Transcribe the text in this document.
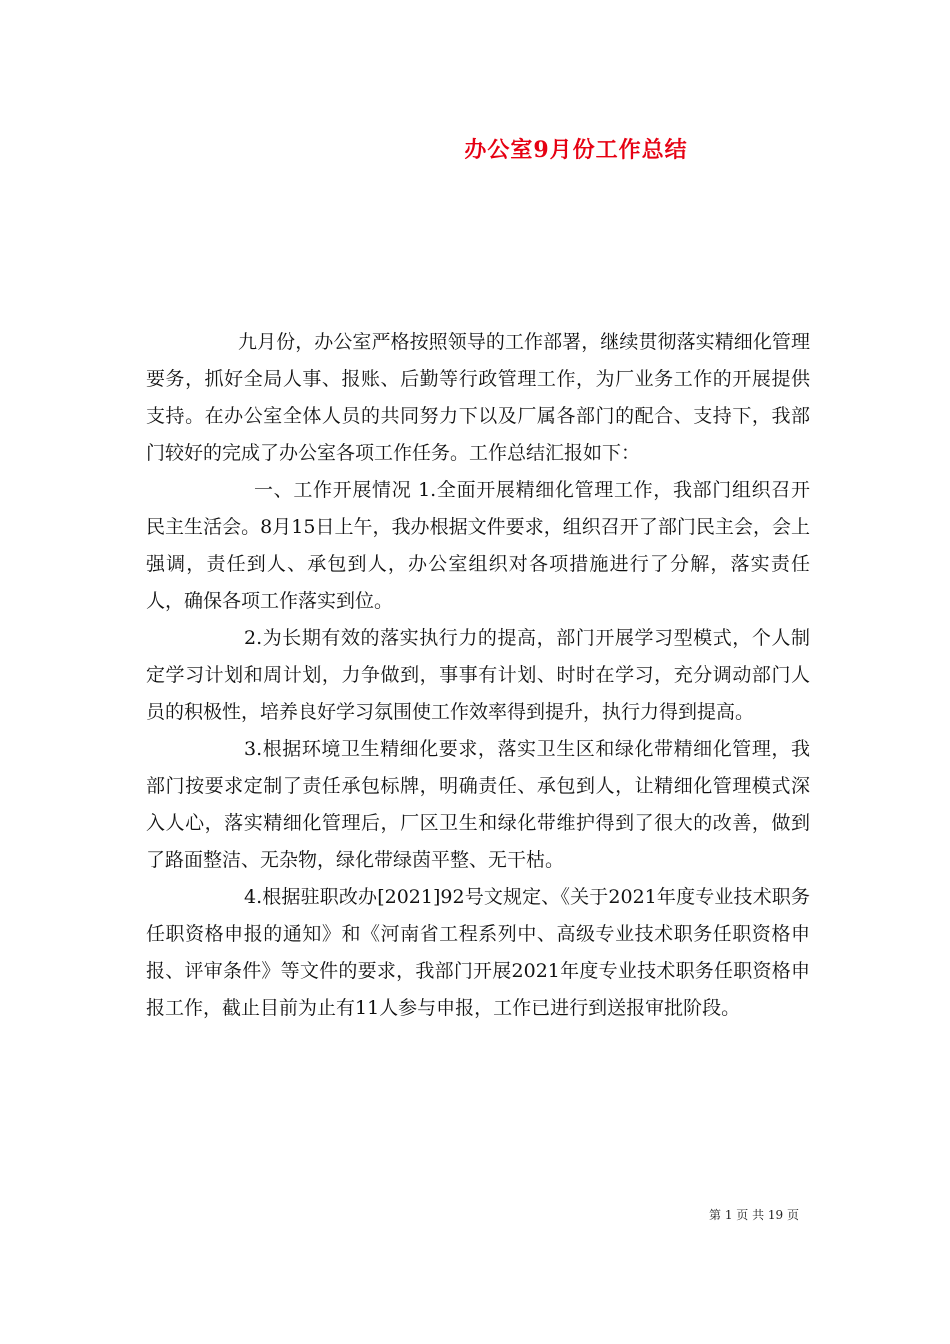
办公室9月份工作总结

九月份，办公室严格按照领导的工作部署，继续贯彻落实精细化管理要务，抓好全局人事、报账、后勤等行政管理工作，为厂业务工作的开展提供支持。在办公室全体人员的共同努力下以及厂属各部门的配合、支持下，我部门较好的完成了办公室各项工作任务。工作总结汇报如下：

一、工作开展情况 1.全面开展精细化管理工作，我部门组织召开民主生活会。8月15日上午，我办根据文件要求，组织召开了部门民主会，会上强调，责任到人、承包到人，办公室组织对各项措施进行了分解，落实责任人，确保各项工作落实到位。

2.为长期有效的落实执行力的提高，部门开展学习型模式，个人制定学习计划和周计划，力争做到，事事有计划、时时在学习，充分调动部门人员的积极性，培养良好学习氛围使工作效率得到提升，执行力得到提高。

3.根据环境卫生精细化要求，落实卫生区和绿化带精细化管理，我部门按要求定制了责任承包标牌，明确责任、承包到人，让精细化管理模式深入人心，落实精细化管理后，厂区卫生和绿化带维护得到了很大的改善，做到了路面整洁、无杂物，绿化带绿茵平整、无干枯。

4.根据驻职改办[2021]92号文规定、《关于2021年度专业技术职务任职资格申报的通知》和《河南省工程系列中、高级专业技术职务任职资格申报、评审条件》等文件的要求，我部门开展2021年度专业技术职务任职资格申报工作，截止目前为止有11人参与申报，工作已进行到送报审批阶段。

第 1 页 共 19 页
